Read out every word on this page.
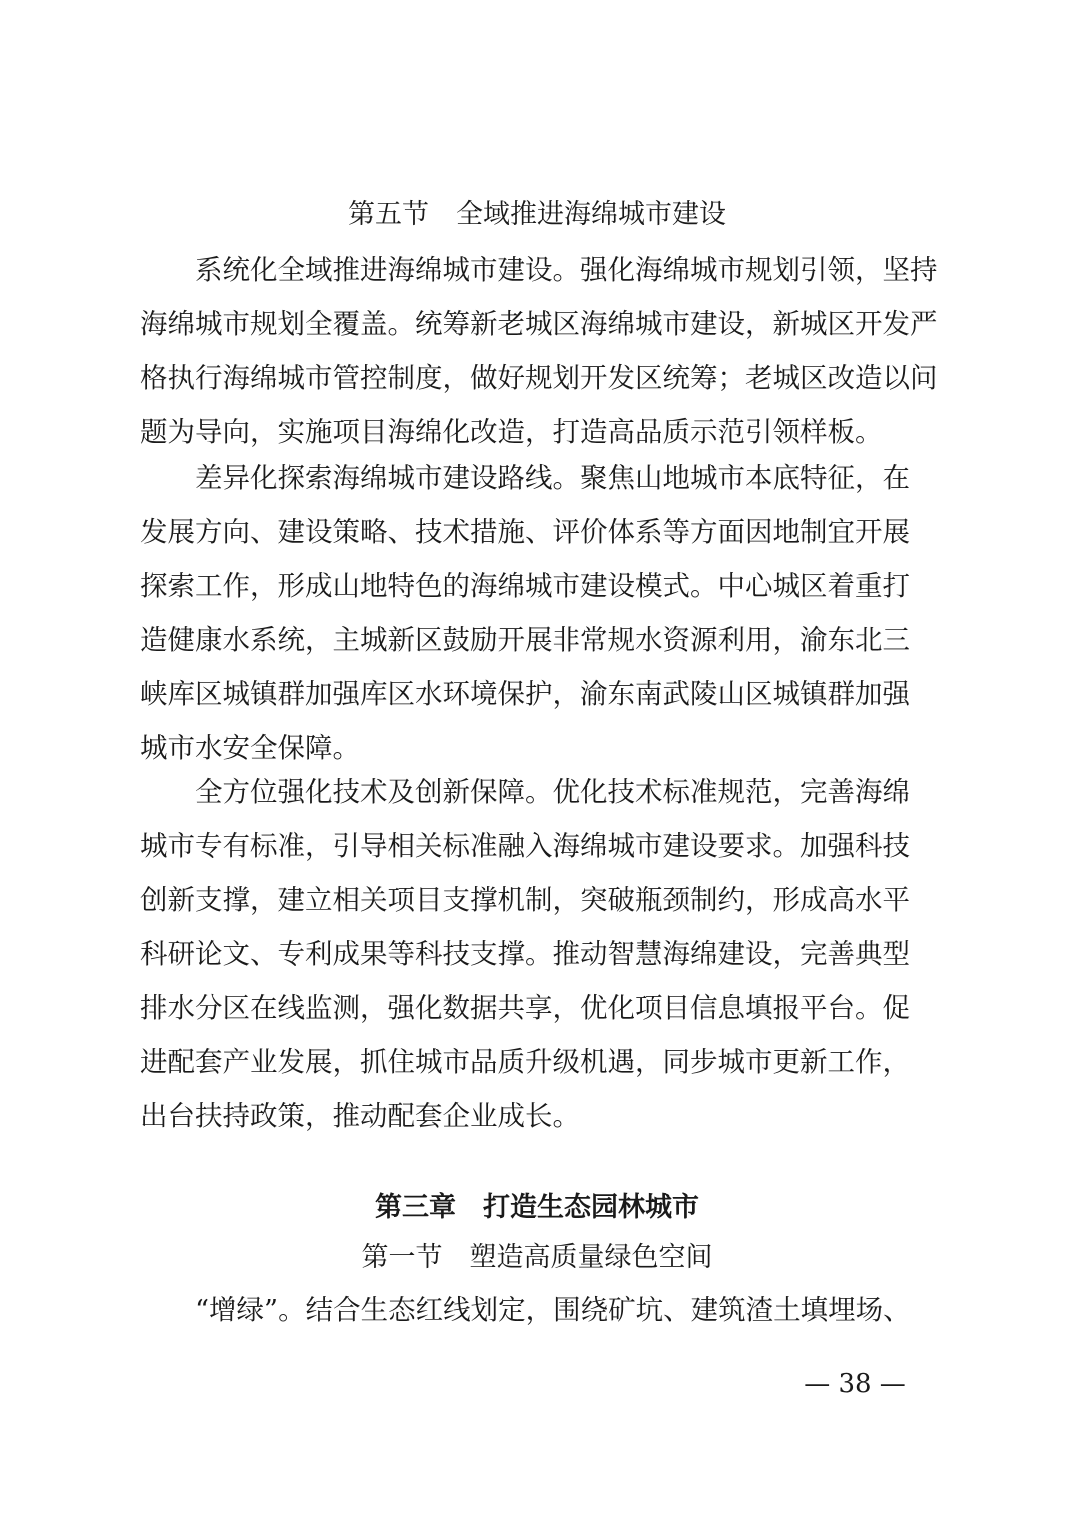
第五节　全域推进海绵城市建设
　　系统化全域推进海绵城市建设。强化海绵城市规划引领，坚持
海绵城市规划全覆盖。统筹新老城区海绵城市建设，新城区开发严
格执行海绵城市管控制度，做好规划开发区统筹；老城区改造以问
题为导向，实施项目海绵化改造，打造高品质示范引领样板。
　　差异化探索海绵城市建设路线。聚焦山地城市本底特征，在
发展方向、建设策略、技术措施、评价体系等方面因地制宜开展
探索工作，形成山地特色的海绵城市建设模式。中心城区着重打
造健康水系统，主城新区鼓励开展非常规水资源利用，渝东北三
峡库区城镇群加强库区水环境保护，渝东南武陵山区城镇群加强
城市水安全保障。
　　全方位强化技术及创新保障。优化技术标准规范，完善海绵
城市专有标准，引导相关标准融入海绵城市建设要求。加强科技
创新支撑，建立相关项目支撑机制，突破瓶颈制约，形成高水平
科研论文、专利成果等科技支撑。推动智慧海绵建设，完善典型
排水分区在线监测，强化数据共享，优化项目信息填报平台。促
进配套产业发展，抓住城市品质升级机遇，同步城市更新工作，
出台扶持政策，推动配套企业成长。
第三章　打造生态园林城市
第一节　塑造高质量绿色空间
　　“增绿”。结合生态红线划定，围绕矿坑、建筑渣土填埋场、
— 38 —
